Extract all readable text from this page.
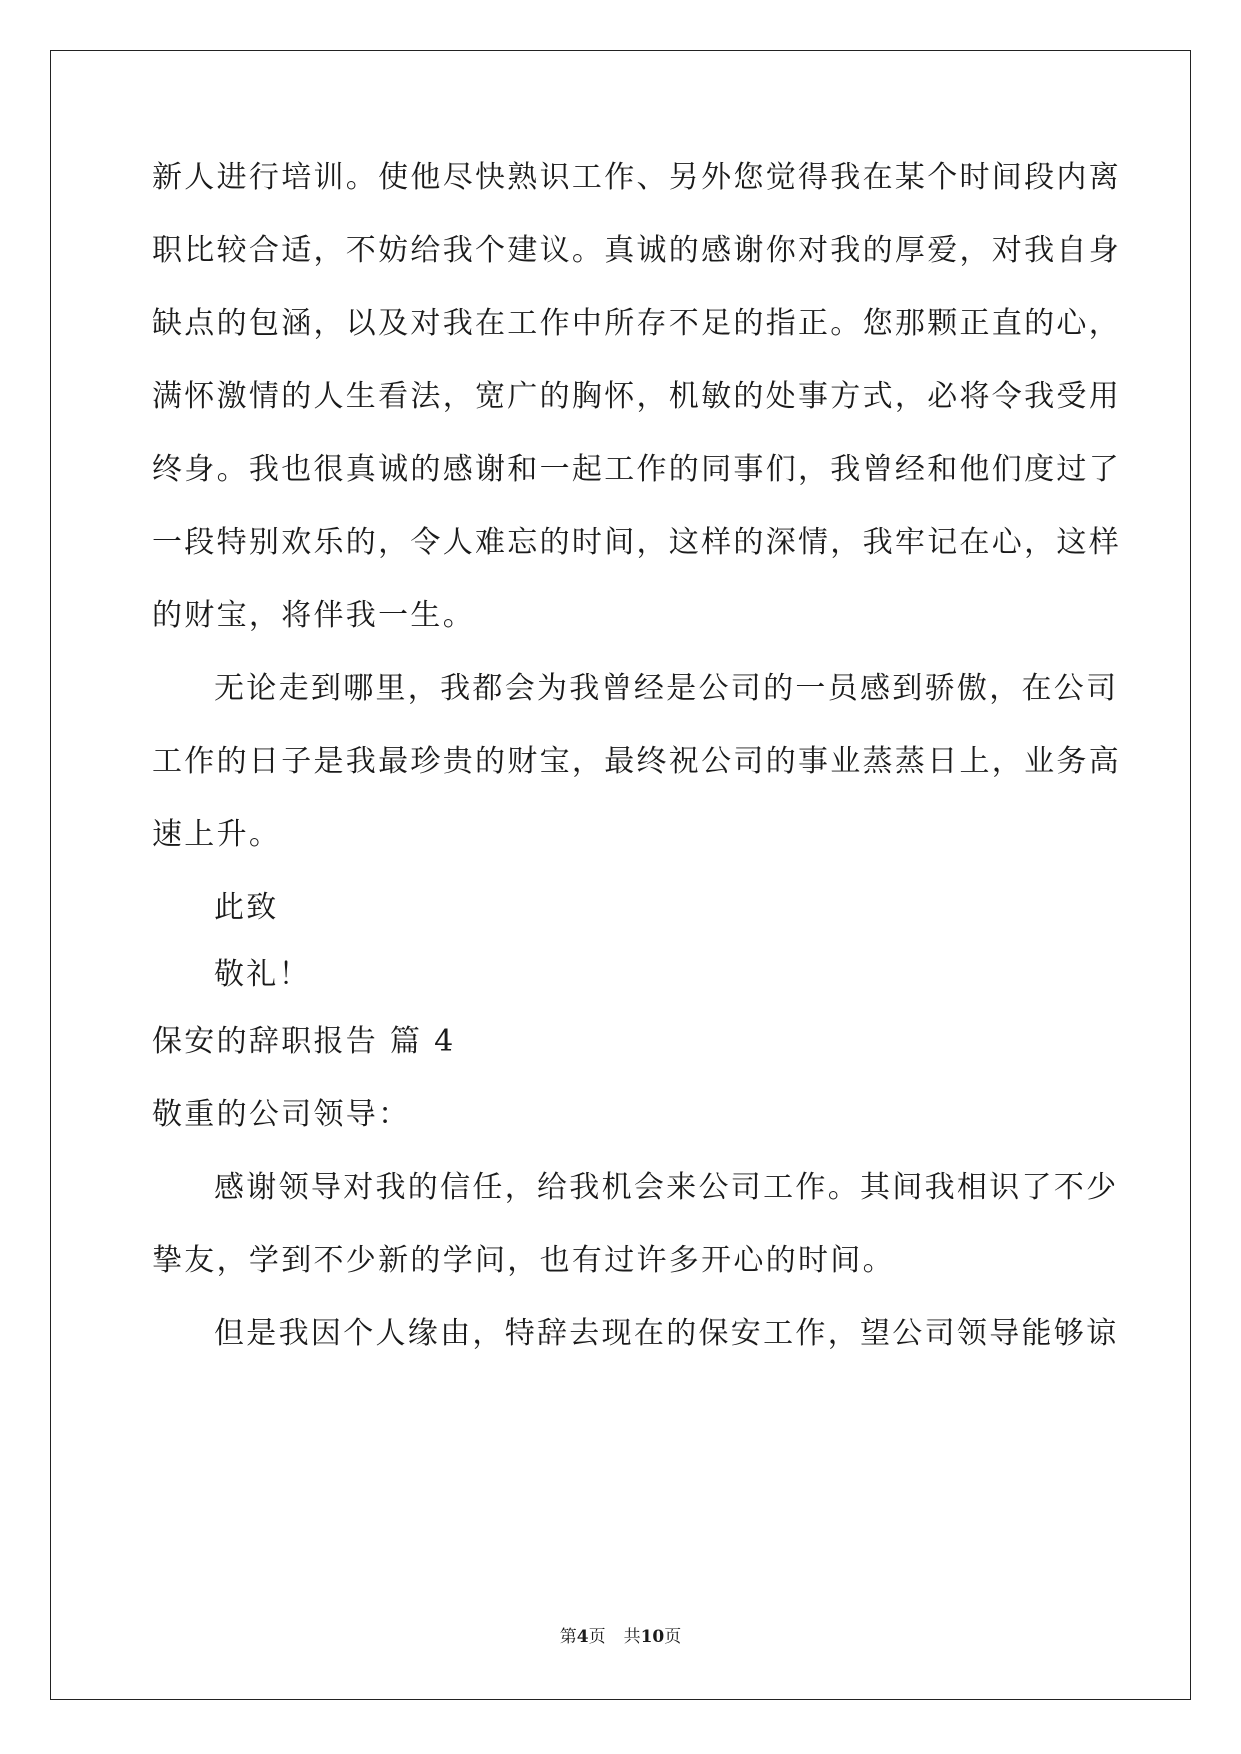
新人进行培训。使他尽快熟识工作、另外您觉得我在某个时间段内离
职比较合适，不妨给我个建议。真诚的感谢你对我的厚爱，对我自身
缺点的包涵，以及对我在工作中所存不足的指正。您那颗正直的心，
满怀激情的人生看法，宽广的胸怀，机敏的处事方式，必将令我受用
终身。我也很真诚的感谢和一起工作的同事们，我曾经和他们度过了
一段特别欢乐的，令人难忘的时间，这样的深情，我牢记在心，这样
的财宝，将伴我一生。
无论走到哪里，我都会为我曾经是公司的一员感到骄傲，在公司
工作的日子是我最珍贵的财宝，最终祝公司的事业蒸蒸日上，业务高
速上升。
此致
敬礼！
保安的辞职报告 篇 4
敬重的公司领导：
感谢领导对我的信任，给我机会来公司工作。其间我相识了不少
挚友，学到不少新的学问，也有过许多开心的时间。
但是我因个人缘由，特辞去现在的保安工作，望公司领导能够谅
第4页 共10页
